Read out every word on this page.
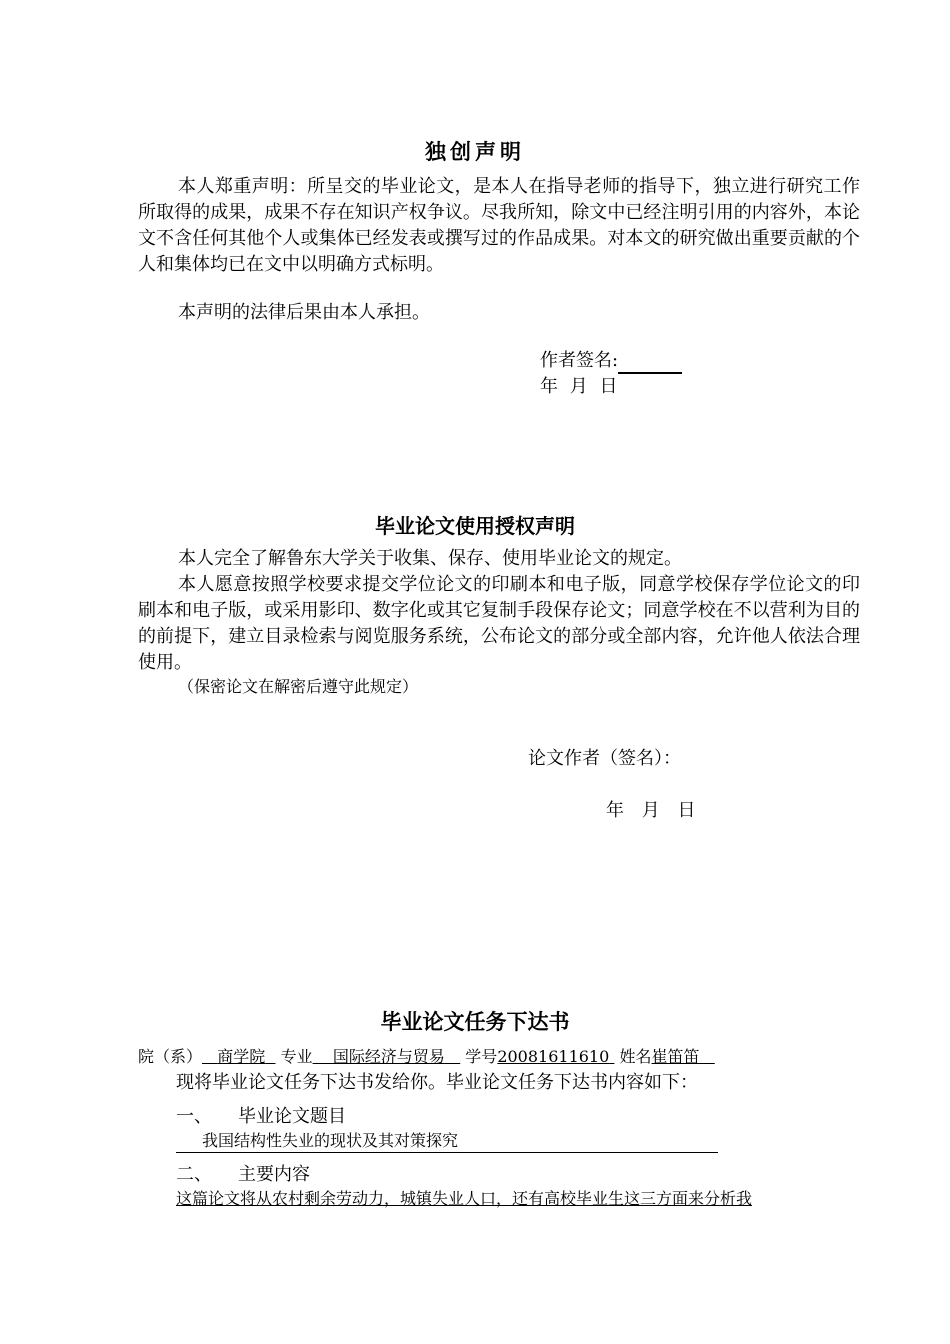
独创声明

本人郑重声明：所呈交的毕业论文，是本人在指导老师的指导下，独立进行研究工作所取得的成果，成果不存在知识产权争议。尽我所知，除文中已经注明引用的内容外，本论文不含任何其他个人或集体已经发表或撰写过的作品成果。对本文的研究做出重要贡献的个人和集体均已在文中以明确方式标明。

本声明的法律后果由本人承担。

作者签名:
年 月 日
毕业论文使用授权声明

本人完全了解鲁东大学关于收集、保存、使用毕业论文的规定。

本人愿意按照学校要求提交学位论文的印刷本和电子版，同意学校保存学位论文的印刷本和电子版，或采用影印、数字化或其它复制手段保存论文；同意学校在不以营利为目的的前提下，建立目录检索与阅览服务系统，公布论文的部分或全部内容，允许他人依法合理使用。

（保密论文在解密后遵守此规定）
论文作者（签名）：
年 月 日
毕业论文任务下达书
院（系） 商学院 专业 国际经济与贸易 学号20081611610 姓名崔笛笛
现将毕业论文任务下达书发给你。毕业论文任务下达书内容如下：
一、 毕业论文题目
我国结构性失业的现状及其对策探究
二、 主要内容
这篇论文将从农村剩余劳动力，城镇失业人口，还有高校毕业生这三方面来分析我
